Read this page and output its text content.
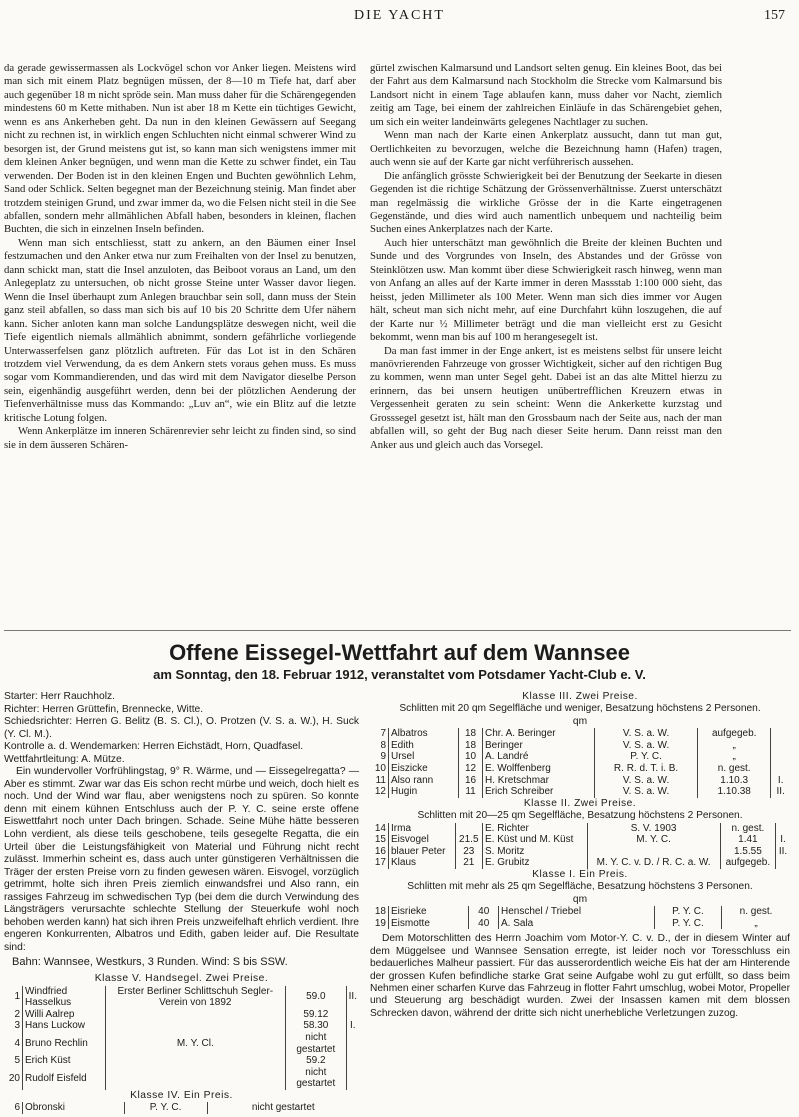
DIE YACHT	157

da gerade gewissermassen als Lockvögel schon vor Anker liegen. Meistens wird man sich mit einem Platz begnügen müssen, der 8—10 m Tiefe hat, darf aber auch gegenüber 18 m nicht spröde sein. Man muss daher für die Schärengegenden mindestens 60 m Kette mithaben. Nun ist aber 18 m Kette ein tüchtiges Gewicht, wenn es ans Ankerheben geht. Da nun in den kleinen Gewässern auf Seegang nicht zu rechnen ist, in wirklich engen Schluchten nicht einmal schwerer Wind zu besorgen ist, der Grund meistens gut ist, so kann man sich wenigstens immer mit dem kleinen Anker begnügen, und wenn man die Kette zu schwer findet, ein Tau verwenden. Der Boden ist in den kleinen Engen und Buchten gewöhnlich Lehm, Sand oder Schlick. Selten begegnet man der Bezeichnung steinig. Man findet aber trotzdem steinigen Grund, und zwar immer da, wo die Felsen nicht steil in die See abfallen, sondern mehr allmählichen Abfall haben, besonders in kleinen, flachen Buchten, die sich in einzelnen Inseln befinden.

Wenn man sich entschliesst, statt zu ankern, an den Bäumen einer Insel festzumachen und den Anker etwa nur zum Freihalten von der Insel zu benutzen, dann schickt man, statt die Insel anzuloten, das Beiboot voraus an Land, um den Anlegeplatz zu untersuchen, ob nicht grosse Steine unter Wasser davor liegen. Wenn die Insel überhaupt zum Anlegen brauchbar sein soll, dann muss der Stein ganz steil abfallen, so dass man sich bis auf 10 bis 20 Schritte dem Ufer nähern kann. Sicher anloten kann man solche Landungsplätze deswegen nicht, weil die Tiefe eigentlich niemals allmählich abnimmt, sondern gefährliche vorliegende Unterwasserfelsen ganz plötzlich auftreten. Für das Lot ist in den Schären trotzdem viel Verwendung, da es dem Ankern stets voraus gehen muss. Es muss sogar vom Kommandierenden, und das wird mit dem Navigator dieselbe Person sein, eigenhändig ausgeführt werden, denn bei der plötzlichen Aenderung der Tiefenverhältnisse muss das Kommando: „Luv an“, wie ein Blitz auf die letzte kritische Lotung folgen.

Wenn Ankerplätze im inneren Schärenrevier sehr leicht zu finden sind, so sind sie in dem äusseren Schären-

gürtel zwischen Kalmarsund und Landsort selten genug. Ein kleines Boot, das bei der Fahrt aus dem Kalmarsund nach Stockholm die Strecke vom Kalmarsund bis Landsort nicht in einem Tage ablaufen kann, muss daher vor Nacht, ziemlich zeitig am Tage, bei einem der zahlreichen Einläufe in das Schärengebiet gehen, um sich ein weiter landeinwärts gelegenes Nachtlager zu suchen.

Wenn man nach der Karte einen Ankerplatz aussucht, dann tut man gut, Oertlichkeiten zu bevorzugen, welche die Bezeichnung hamn (Hafen) tragen, auch wenn sie auf der Karte gar nicht verführerisch aussehen.

Die anfänglich grösste Schwierigkeit bei der Benutzung der Seekarte in diesen Gegenden ist die richtige Schätzung der Grössenverhältnisse. Zuerst unterschätzt man regelmässig die wirkliche Grösse der in die Karte eingetragenen Gegenstände, und dies wird auch namentlich unbequem und nachteilig beim Suchen eines Ankerplatzes nach der Karte.

Auch hier unterschätzt man gewöhnlich die Breite der kleinen Buchten und Sunde und des Vorgrundes von Inseln, des Abstandes und der Grösse von Steinklötzen usw. Man kommt über diese Schwierigkeit rasch hinweg, wenn man von Anfang an alles auf der Karte immer in deren Massstab 1:100 000 sieht, das heisst, jeden Millimeter als 100 Meter. Wenn man sich dies immer vor Augen hält, scheut man sich nicht mehr, auf eine Durchfahrt kühn loszugehen, die auf der Karte nur ½ Millimeter beträgt und die man vielleicht erst zu Gesicht bekommt, wenn man bis auf 100 m herangesegelt ist.

Da man fast immer in der Enge ankert, ist es meistens selbst für unsere leicht manövrierenden Fahrzeuge von grosser Wichtigkeit, sicher auf den richtigen Bug zu kommen, wenn man unter Segel geht. Dabei ist an das alte Mittel hierzu zu erinnern, das bei unsern heutigen unübertrefflichen Kreuzern etwas in Vergessenheit geraten zu sein scheint: Wenn die Ankerkette kurzstag und Grosssegel gesetzt ist, hält man den Grossbaum nach der Seite aus, nach der man abfallen will, so geht der Bug nach dieser Seite herum. Dann reisst man den Anker aus und gleich auch das Vorsegel.

Offene Eissegel-Wettfahrt auf dem Wannsee
am Sonntag, den 18. Februar 1912, veranstaltet vom Potsdamer Yacht-Club e. V.
Starter: Herr Rauchholz.
Richter: Herren Grüttefin, Brennecke, Witte.
Schiedsrichter: Herren G. Belitz (B. S. Cl.), O. Protzen (V. S. a. W.), H. Suck (Y. Cl. M.).
Kontrolle a. d. Wendemarken: Herren Eichstädt, Horn, Quadfasel.
Wettfahrtleitung: A. Mütze.

Ein wundervoller Vorfrühlingstag, 9° R. Wärme, und — Eissegelregatta? — Aber es stimmt. Zwar war das Eis schon recht mürbe und weich, doch hielt es noch. Und der Wind war flau, aber wenigstens noch zu spüren. So konnte denn mit einem kühnen Entschluss auch der P. Y. C. seine erste offene Eiswettfahrt noch unter Dach bringen. Schade. Seine Mühe hätte besseren Lohn verdient, als diese teils geschobene, teils gesegelte Regatta, die ein Urteil über die Leistungsfähigkeit von Material und Führung nicht recht zulässt. Immerhin scheint es, dass auch unter günstigeren Verhältnissen die Träger der ersten Preise vorn zu finden gewesen wären. Eisvogel, vorzüglich getrimmt, holte sich ihren Preis ziemlich einwandsfrei und Also rann, ein rassiges Fahrzeug im schwedischen Typ (bei dem die durch Verwindung des Längsträgers verursachte schlechte Stellung der Steuerkufe wohl noch behoben werden kann) hat sich ihren Preis unzweifelhaft ehrlich verdient. Ihre engeren Konkurrenten, Albatros und Edith, gaben leider auf. Die Resultate sind:

Bahn: Wannsee, Westkurs, 3 Runden. Wind: S bis SSW.
Klasse V. Handsegel. Zwei Preise.
1	Windfried Hasselkus	Erster Berliner Schlittschuh Segler-Verein von 1892	59.0	II.
2	Willi Aalrep		59.12	
3	Hans Luckow		58.30	I.
4	Bruno Rechlin	M. Y. Cl.	nicht gestartet	
5	Erich Küst		59.2	
20	Rudolf Eisfeld		nicht gestartet	
Klasse IV. Ein Preis.
6	Obronski	P. Y. C.	nicht gestartet
Klasse III. Zwei Preise.
Schlitten mit 20 qm Segelfläche und weniger, Besatzung höchstens 2 Personen.
qm
7	Albatros	18	Chr. A. Beringer	V. S. a. W.	aufgegeb.	
8	Edith	18	Beringer	V. S. a. W.	„	
9	Ursel	10	A. Landré	P. Y. C.	„	
10	Eiszicke	12	E. Wolffenberg	R. R. d. T. i. B.	n. gest.	
11	Also rann	16	H. Kretschmar	V. S. a. W.	1.10.3	I.
12	Hugin	11	Erich Schreiber	V. S. a. W.	1.10.38	II.
Klasse II. Zwei Preise.
Schlitten mit 20—25 qm Segelfläche, Besatzung höchstens 2 Personen.
14	Irma		E. Richter	S. V. 1903	n. gest.	
15	Eisvogel	21.5	E. Küst und M. Küst	M. Y. C.	1.41	I.
16	blauer Peter	23	S. Moritz		1.5.55	II.
17	Klaus	21	E. Grubitz	M. Y. C. v. D. / R. C. a. W.	aufgegeb.	
Klasse I. Ein Preis.
Schlitten mit mehr als 25 qm Segelfläche, Besatzung höchstens 3 Personen.
qm
18	Eisrieke	40	Henschel / Triebel	P. Y. C.	n. gest.
19	Eismotte	40	A. Sala	P. Y. C.	„
Dem Motorschlitten des Herrn Joachim vom Motor-Y. C. v. D., der in diesem Winter auf dem Müggelsee und Wannsee Sensation erregte, ist leider noch vor Toresschluss ein bedauerliches Malheur passiert. Für das ausserordentlich weiche Eis hat der am Hinterende der grossen Kufen befindliche starke Grat seine Aufgabe wohl zu gut erfüllt, so dass beim Nehmen einer scharfen Kurve das Fahrzeug in flotter Fahrt umschlug, wobei Motor, Propeller und Steuerung arg beschädigt wurden. Zwei der Insassen kamen mit dem blossen Schrecken davon, während der dritte sich nicht unerhebliche Verletzungen zuzog.
